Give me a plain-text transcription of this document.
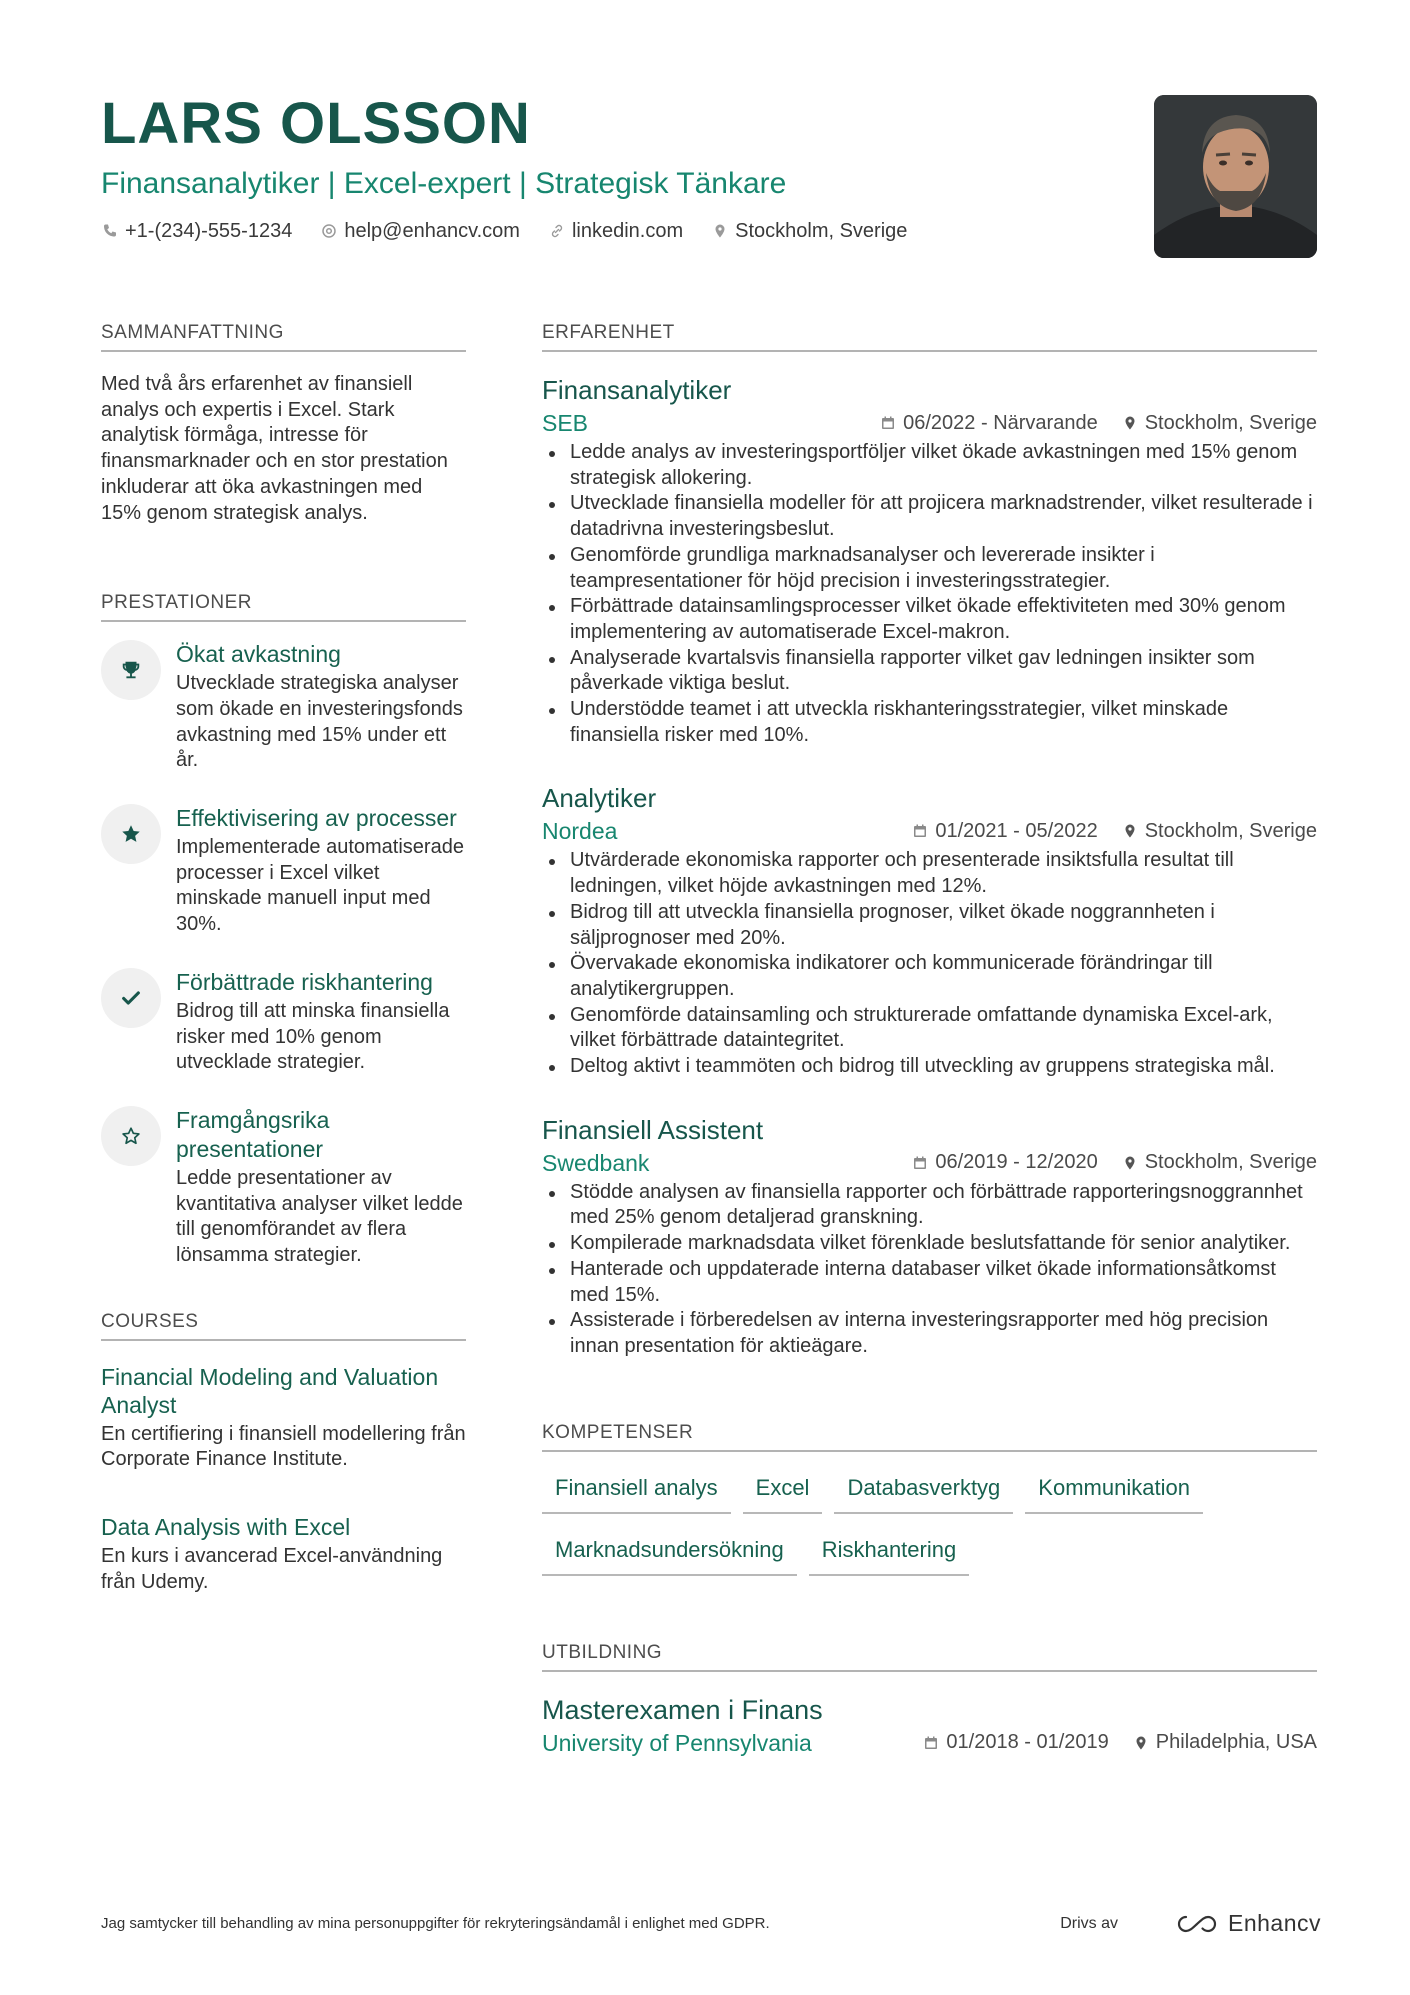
LARS OLSSON
Finansanalytiker | Excel-expert | Strategisk Tänkare
+1-(234)-555-1234	help@enhancv.com	linkedin.com	Stockholm, Sverige
SAMMANFATTNING
Med två års erfarenhet av finansiell analys och expertis i Excel. Stark analytisk förmåga, intresse för finansmarknader och en stor prestation inkluderar att öka avkastningen med 15% genom strategisk analys.
PRESTATIONER
Ökat avkastning
Utvecklade strategiska analyser som ökade en investeringsfonds avkastning med 15% under ett år.
Effektivisering av processer
Implementerade automatiserade processer i Excel vilket minskade manuell input med 30%.
Förbättrade riskhantering
Bidrog till att minska finansiella risker med 10% genom utvecklade strategier.
Framgångsrika presentationer
Ledde presentationer av kvantitativa analyser vilket ledde till genomförandet av flera lönsamma strategier.
COURSES
Financial Modeling and Valuation Analyst
En certifiering i finansiell modellering från Corporate Finance Institute.
Data Analysis with Excel
En kurs i avancerad Excel-användning från Udemy.
ERFARENHET
Finansanalytiker
SEB	06/2022 - Närvarande Stockholm, Sverige
Ledde analys av investeringsportföljer vilket ökade avkastningen med 15% genom strategisk allokering.
Utvecklade finansiella modeller för att projicera marknadstrender, vilket resulterade i datadrivna investeringsbeslut.
Genomförde grundliga marknadsanalyser och levererade insikter i teampresentationer för höjd precision i investeringsstrategier.
Förbättrade datainsamlingsprocesser vilket ökade effektiviteten med 30% genom implementering av automatiserade Excel-makron.
Analyserade kvartalsvis finansiella rapporter vilket gav ledningen insikter som påverkade viktiga beslut.
Understödde teamet i att utveckla riskhanteringsstrategier, vilket minskade finansiella risker med 10%.
Analytiker
Nordea	01/2021 - 05/2022 Stockholm, Sverige
Utvärderade ekonomiska rapporter och presenterade insiktsfulla resultat till ledningen, vilket höjde avkastningen med 12%.
Bidrog till att utveckla finansiella prognoser, vilket ökade noggrannheten i säljprognoser med 20%.
Övervakade ekonomiska indikatorer och kommunicerade förändringar till analytikergruppen.
Genomförde datainsamling och strukturerade omfattande dynamiska Excel-ark, vilket förbättrade dataintegritet.
Deltog aktivt i teammöten och bidrog till utveckling av gruppens strategiska mål.
Finansiell Assistent
Swedbank	06/2019 - 12/2020 Stockholm, Sverige
Stödde analysen av finansiella rapporter och förbättrade rapporteringsnoggrannhet med 25% genom detaljerad granskning.
Kompilerade marknadsdata vilket förenklade beslutsfattande för senior analytiker.
Hanterade och uppdaterade interna databaser vilket ökade informationsåtkomst med 15%.
Assisterade i förberedelsen av interna investeringsrapporter med hög precision innan presentation för aktieägare.
KOMPETENSER
Finansiell analys	Excel	Databasverktyg	Kommunikation
Marknadsundersökning	Riskhantering
UTBILDNING
Masterexamen i Finans
University of Pennsylvania	01/2018 - 01/2019 Philadelphia, USA
Jag samtycker till behandling av mina personuppgifter för rekryteringsändamål i enlighet med GDPR.	Drivs av	Enhancv
